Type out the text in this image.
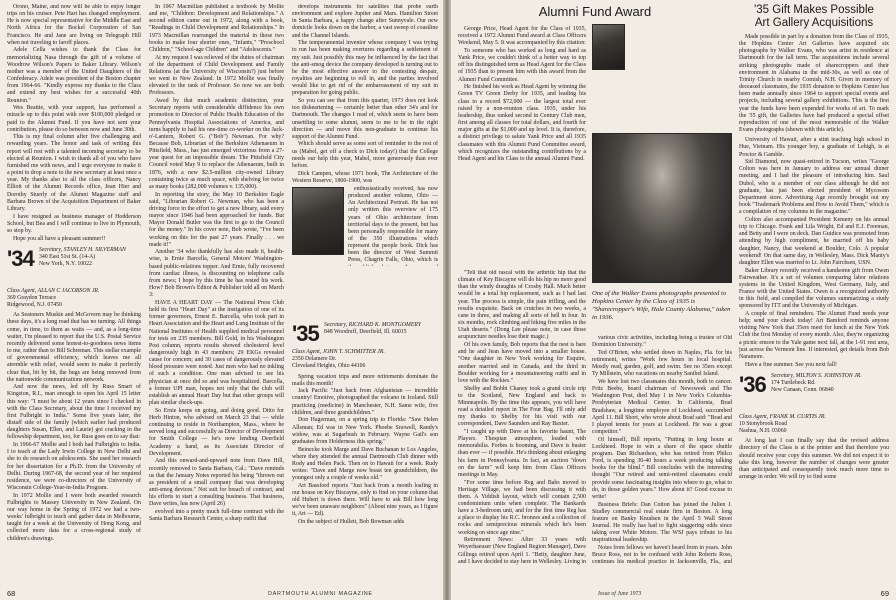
Orono, Maine, and now will be able to enjoy longer trips on his cruiser. Pete Hart has changed employment. He is now special representative for the Middle East and North Africa for the Bockel Corporation of San Francisco. He and Jane are living on Telegraph Hill when not traveling to faroff places.

Adele Cella wishes to thank the Class for memorializing Nasa through the gift of a volume of Woodrow Wilson's Papers to Baker Library. Wilson's mother was a member of the United Daughters of the Confederacy. Adele was president of the Boston chapter from 1964-66. "Kindly express my thanks to the Class and extend my best wishes for a successful 40th Reunion."

Wes Beattie, with your support, has performed a miracle up to this point with over $100,000 pledged or paid to the Alumni Fund. If you have not sent your contribution, please do so between now and June 30th.

This is my final column after five challenging and rewarding years. The honor and task of writing this report will rest with a talented incoming secretary to be elected at Reunion. I wish to thank all of you who have furnished me with news, and I urge everyone to make it a point to drop a note to the new secretary at least once a year. My thanks also to all the class officers, Nancy Elliott of the Alumni Records office, Jean Hier and Dorothy Stuerly of the Alumni Magazine staff and Barbara Brown of the Acquisition Department of Baker Library.

I have resigned as business manager of Hodderson School, but Bea and I will continue to live in Plymouth, so stop by.

Hope you all have a pleasant summer!!

'34 Secretary, STANLEY H. SILVERMAN
340 East 51st St. (14-A)
New York, N.Y. 10022
Class Agent, ALLAN C JACOBSON JR.
369 Graydon Terrace
Ridgewood, N.J. 07450

As Seatoners Muskie and McGovern may be thinking these days, it's a long road that has no turning. All things come, in time, to them as waits — and, as a long-time waiter, I'm pleased to report that the U.S. Postal Service recently delivered some honest-to-goodness news items to me, rather than to Bill Schreman. This stellar example of governmental efficiency, which leaves me all atremble with relief, would seem to make it perfectly clear that, bit by bit, the bugs are being removed from the nationwide communications network.

And now the news, led off by Russ Smart of Kingston, R.I., man enough to open his April 15 letter this way: "I must be about 12 years since I checked in with the Class Secretary, about the time I received my first Fulbright to India." Some five years later, the distaff side of the family (which earlier had produced daughters Susan, Ellen, and Laurie) got cracking in the fellowship department, too, for Russ goes on to say that:

In 1966-67 Mollie and I both had Fulbrights to India. I to teach at the Lady Irwin College in New Delhi and she to do research on adolescents. She used her research for her dissertation for a Ph.D. from the University of Delhi. During 1967-68, the second year of her required residence, we were co-directors of the University of Wisconsin College-Year-in-India Program.

In 1972 Mollie and I were both awarded research Fulbrights to Massey University in New Zealand. On our way home in the Spring of 1972 we had a two-weeks' fulbright to teach and gather data in Melbourne, taught for a week at the University of Hong Kong, and collected more data for a cross-regional study of children's drawings.

In 1967 Macmillan published a textbook by Mollie and me, "Children: Development and Relationships." A second edition came out in 1972, along with a book, "Readings in Child Development and Relationships." In 1973 Macmillan rearranged the material in those two books to make four shorter ones, "Infants," "Preschool Children," "School-age Children" and "Adolescents."

At my request I was relieved of the duties of chairman of the department of Child Development and Family Relations (at the University of Wisconsin?) just before we went to New Zealand. In 1972 Mollie was finally elevated to the rank of Professor. So now we are both Professors.

Awed by that much academic distinction, your Secretary reports with considerable diffidence his own promotion to Director of Public Health Education of the Pennsylvania Hospital Associations of America, and turns happily to hail his one-time co-worker on the Jack-o'-Lantern, Robert G. ("Bob") Newman. For why? Because Bob, Librarian of the Berkshire Athenaeum in Pittsfield, Mass., has just emerged victorious from a 27-year quest for an impossible dream. The Pittsfield City Council voted May 9 to replace the Athenaeum, built in 1876, with a new $2.5-million city-owned Library containing twice as much space, with shelving for twice as many books (282,000 volumes v. 135,000).

In reporting the story, the May 10 Berkshire Eagle said, "Librarian Robert G. Newman, who has been a driving force in the effort to get a new library, said every mayor since 1946 had been approached for funds. But Mayor Donald Butler was the first to go to the Council for the money." In his cover note, Bob wrote, "I've been working on this for the past 27 years. Finally . . . we made it!"

Another '34 who thankfully has also made it, health-wise, is Ernie Barcella, General Motors' Washington-based public-relations topper. And Ernie, fully recovered from cardiac illness, is discounting no telephone calls from news; I hope by this time he has rested his work. How? Bob Brown's Editor & Publisher told all on March 3:

HAVE A HEART DAY — The National Press Club held its first "Heart Day" at the instigation of one of its former governors, Ernest E. Barcella, who took part in Heart Association and the Heart and Lung Institute of the National Institutes of Health supplied medical personnel for tests on 235 members. Bill Gold, in his Washington Post column, reports results showed cholesterol level dangerously high in 43 members; 29 EKGs revealed cause for concern; and 30 cases of dangerously elevated blood pressure were noted. Just men who had no inkling of such a condition. One man advised to see his physician at once did so and was hospitalized. Barcella, a former UPI man, hopes not only that the club will establish an annual Heart Day but that other groups will plan similar check-ups.

So Ernie keeps on going, and doing good. Ditto for Herb Hinton, who advised on March 23 that — while continuing to reside in Northampton, Mass., where he served long and successfully as Director of Development for Smith College — he's now lending Deerfield Academy a hand, as its Associate Director of Development.

And this onward-and-upward note from Dave Hill, recently removed to Santa Barbara, Cal.: "Dave reminds us that the January Notes reported his being "thrown out as president of a small company that was developing anti-smog devices." Not suit for breach of contract, and his efforts to start a consulting business. That business, Dave writes, has now (April 26)

evolved into a pretty much full-time contract with the Santa Barbara Research Center, a sharp outfit that

develops instruments for satellites that probe earth environment and explore Jupiter and Mars. Hamilton Street in Santa Barbara, a happy change after Sunnyvale. Our new domicile looks down on the harbor, a vast sweep of coastline and the Channel Islands.

The temperamental inventor whose company I was trying to run has been making overtures regarding a settlement of my suit. Just possibly this may be influenced by the fact that the anti-smog device the company developed is turning out to be the most effective answer to the contesting despair, royalties are beginning to roll in, and the parties involved would like to get rid of the embarrassment of my suit in preparation for going public.

So you can see that from this quarter, 1973 does not look too disheartening — certainly better than other 34's and for Dartmouth. The changes I read of, which seem to have been unsettling to some alumni, seem to me to be in the right direction — and move this non-graduate to continue his support of the Alumni Fund.

Which should serve as some sort of reminder to the rest of us (Mabel, get off a check to Dick today!) that the College needs our help this year, Mabel, more generously than ever before.

Dick Campen, whose 1971 book, The Architecture of the Western Reserve, 1800-1900, was

enthusiastically received, has now produced another volume, Ohio — An Architectural Portrait. He has not only written this overview of 175 years of Ohio architecture from territorial days to the present, but has been personally responsible for many of the 350 illustrations which represent the people book. Dick has been the director of West Summit Press, Chagrin Falls, Ohio, which is

'35 Secretary, RICHARD K. MONTGOMERY
848 Woodruff, Deerfield, Ill. 60015
Class Agent, JOHN T. SCHMITTER JR.
2350 Delamere Dr.
Cleveland Heights, Ohio 44106

Spring vacation trips and more retirements dominate the mails this month!

Jack Pacific "Just back from Afghanistan — incredible country! Emotive, photographed the volcano in Iceland. Still practicing (medicine) in Manchester, N.H. Same wife, five children, and three grandchildren."

Don Hagerman, on a spring trip to Florida: "Saw Helen Allsman; Ed was in New York. Phoebe Snowell, Randy's widow, was at Sugarbush in February. Wayne Gail's son graduates from Holderness this spring."

Beinecke took Marge and Dave Buchanan to Los Angeles, where they attended the annual Dartmouth Club dinner with Rody and Helen Pack. Then on to Hawaii for a week. Rudy writes: "Dave and Marge now boast ten grandchildren, the youngest only a couple of weeks old."

Art Bassford reports "Just back from a month loafing in our house on Key Biscayne, only to find on your column that old Hubert is down there. Will have to ask Bill how long we've been unaware neighbors" (About nine years, as I figure it, Art — Ed).

On the subject of Hullett, Bob Bowman adds

68	DARTMOUTH ALUMNI MAGAZINE

George Price, Head Agent for the Class of 1935, received a 1972 Alumni Fund award at Class Officers Weekend, May 5. It was accompanied by this citation:

To someone who has worked as long and hard as Yank Price, we couldn't think of a better way to top off his distinguished term as Head Agent for the Class of 1935 than to present him with this award from the Alumni Fund Committee.

He finished his work as Head Agent by winning the Green TV Green Derby for 1935, and leading his class to a record $72,000 — the largest total ever raised by a non-reunion class. 1935, under his leadership, thus ranked second in Century Club men, first among all classes for total dollars, and fourth for major gifts at the $1,000 and up level. It is, therefore, a distinct privilege to salute Yank Price and all 1935 classmates with this Alumni Fund Committee award, which recognizes the outstanding contributions by a Head Agent and his Class to the annual Alumni Fund.

Alumni Fund Award
One of the Walker Evans photographs presented to Hopkins Center by the Class of 1935 is "Sharecropper's Wife, Hale County Alabama," taken in 1936.

"Tell that old rascal with the arthritic hip that the climate of Key Biscayne will do his hip no more good than the windy draughts of Crosby Hall. Much better would be a total hip replacement, such as I had last year. The process is simple, the pain trifling, and the results exquisite. Back on crutches in two weeks, a cane in three, and making all sorts of hell in four. In six months, rock climbing and hiking five miles in the Utah deserts." (Dong Lee please note, in case those acupuncture needles lose their magic.)

Of his own family, Bob reports that the nest is bare and he and Jean have moved into a smaller house. "One daughter in New York working for Esquire, another married and in Canada, and the third in Boulder working for a mountaineering outfit and in love with the Rockies."

Shelby and Bobbi Chaney took a grand circle trip to the Scotland, New England and back to Minneapolis. By the time this appears, you will have read a detailed report in The Four Bag. I'll only add my thanks to Shelby for his visit with our correspondent, Dave Saunders and Ray Baxter.

"I caught up with Dave at his favorite haunt, The Players. Thespian atmosphere, loaded with memorabilia. Forbes is booming, and Dave is busier than ever — if possible. He's thinking about enlarging his farm in Pennsylvania. In fact, an auction "down on the farm" will keep him from Class Officers meetings in May.

"For some time before Reg and Babs moved to Heritage Village, we had been discussing it with them. A Yiddish layout, which will contain 2,500 condominium units when complete. The Bankards have a 3-bedroom unit, and for the first time Reg has a place to display his R.C. bronzes and a collection of rocks and semiprecious minerals which he's been working on since age nine."

Retirement News: After 33 years with Weyerhaeuser (New England Region Manager), Dave Gillings retired upon April 1. "Betty, daughter June, and I have decided to stay here in Wellesley. Living in

various civic activities, including being a trustee of Old Dominion University."

Ted O'Brien, who settled down in Naples, Fla. for his retirement, writes "Work few hours in local hospital. Mostly read, garden, golf, and swim. See no 35ers except Ty Millstein, who vacations on nearby Sanibel Island.

We have lost two classmates this month, both to cancer. Fritz Beebe, board chairman of Newsweek and The Washington Post, died May 1 in New York's Columbia-Presbyterian Medical Center. In California, Brad Bradshaw, a longtime employee of Lockheed, succumbed April 11. Bill Short, who wrote about Brad said: "Brad and I played tennis for years at Lockheed. He was a great competitor."

Of himself, Bill reports, "Putting in long hours at Lockheed. Hope to win a share of the space shuttle program. Dan Richardson, who has retired from Philco Ford, is spending 30-40 hours a week producing talking books for the blind." Bill concludes with the interesting thought "Our retired and semi-retired classmates could provide some fascinating insights into where to go, what to do, in those golden years." How about it? Good excuse to write!

Business Briefs: Dan Cotton has joined the Julien J. Studley commercial real estate firm in Boston. A long feature on Banky Knudsen in the April 5 Wall Street Journal. He really has had to fight staggering odds since taking over White Motors. The WSJ pays tribute to his inspirational leadership.

Notes from fellows we haven't heard from in years. John Bruce Ross, not to be confused with John Roberts Ross, continues his medical practice in Jacksonville, Fla., and

'35 Gift Makes Possible
Art Gallery Acquisitions

Made possible in part by a donation from the Class of 1935, the Hopkins Center Art Galleries have acquired six photographs by Walker Evans, who was artist in residence at Dartmouth for the fall term. The acquisitions include several striking photographs made of sharecroppers and their environment in Alabama in the mid-30s, as well as one of Trinity Church in nearby Cornish, N.H. Given in memory of deceased classmates, the 1935 donation to Hopkins Center has been made annually since 1964 to support special events and projects, including several gallery exhibitions. This is the first year the funds have been expended for works of art. To mark the '35 gift, the Galleries have had produced a special offset reproduction of one of the most memorable of the Walker Evans photographs (shown with this article).

University of Hawaii, after a stint teaching high school in Hue, Vietnam. His younger boy, a graduate of Lehigh, is at Proctor & Gamble.

Sid Diamond, now quasi-retired in Tucson, writes "George Colton was here in January to address our annual dinner meeting, and I had the pleasure of introducing him. Saul Dubol, who is a member of our class although he did not graduate, has just been elected president of Mycosom Department store. Advertising Age recently brought out my book "Trademark Problems and How to Avoid Them," which is a compilation of my columns in the magazine."

Colton also accompanied President Kemeny on his annual trip to Chicago. Frank and Lila Wright, Ed and E.J. Freeman, and Betty and I were on deck. Dan Guidice was promoted from attending by high compliment, he married off his baby daughter, Nancy, that weekend at Boulder, Colo. A popular weekend! On that same day, in Wellesley, Mass. Dick Manty's daughter Ellen was married to Lt. John Fairchsen, USN.

Baker Library recently received a handsome gift from Owen Fairweather. It's a set of volumes comparing labor relations systems in the United Kingdom, West Germany, Italy, and France with the United States. Owen is a recognized authority in this field, and compiled the volumes summarizing a study sponsored by ITT and the University of Michigan.

A couple of final reminders. The Alumni Fund needs your help; send your check today! Art Bamford reminds anyone visiting New York that 35ers meet for lunch at the New York Club the first Monday of every month. Also, they're organizing a picnic emcee to the Yale game next fall, at the 1-91 rest area, just across the Vermont line. If interested, get details from Bob Naramore.

Have a fine summer. See you next fall!

'36 Secretary, MILTON S. JOHNSTON JR.
174 Turtlebeck Rd.
New Canaan, Conn. 06840
Class Agent, FRANK M. CURTIS JR.
10 Stonybrook Road
Nashua, N.H. 03060

At long last I can finally say that the revised address directory of the Class is at the printer and that therefore you should receive your copy this summer. We did not expect it to take this long, however the number of changes were greater than anticipated and consequently took much more time to arrange in order. We will try to find some

Issue of June 1973	69
